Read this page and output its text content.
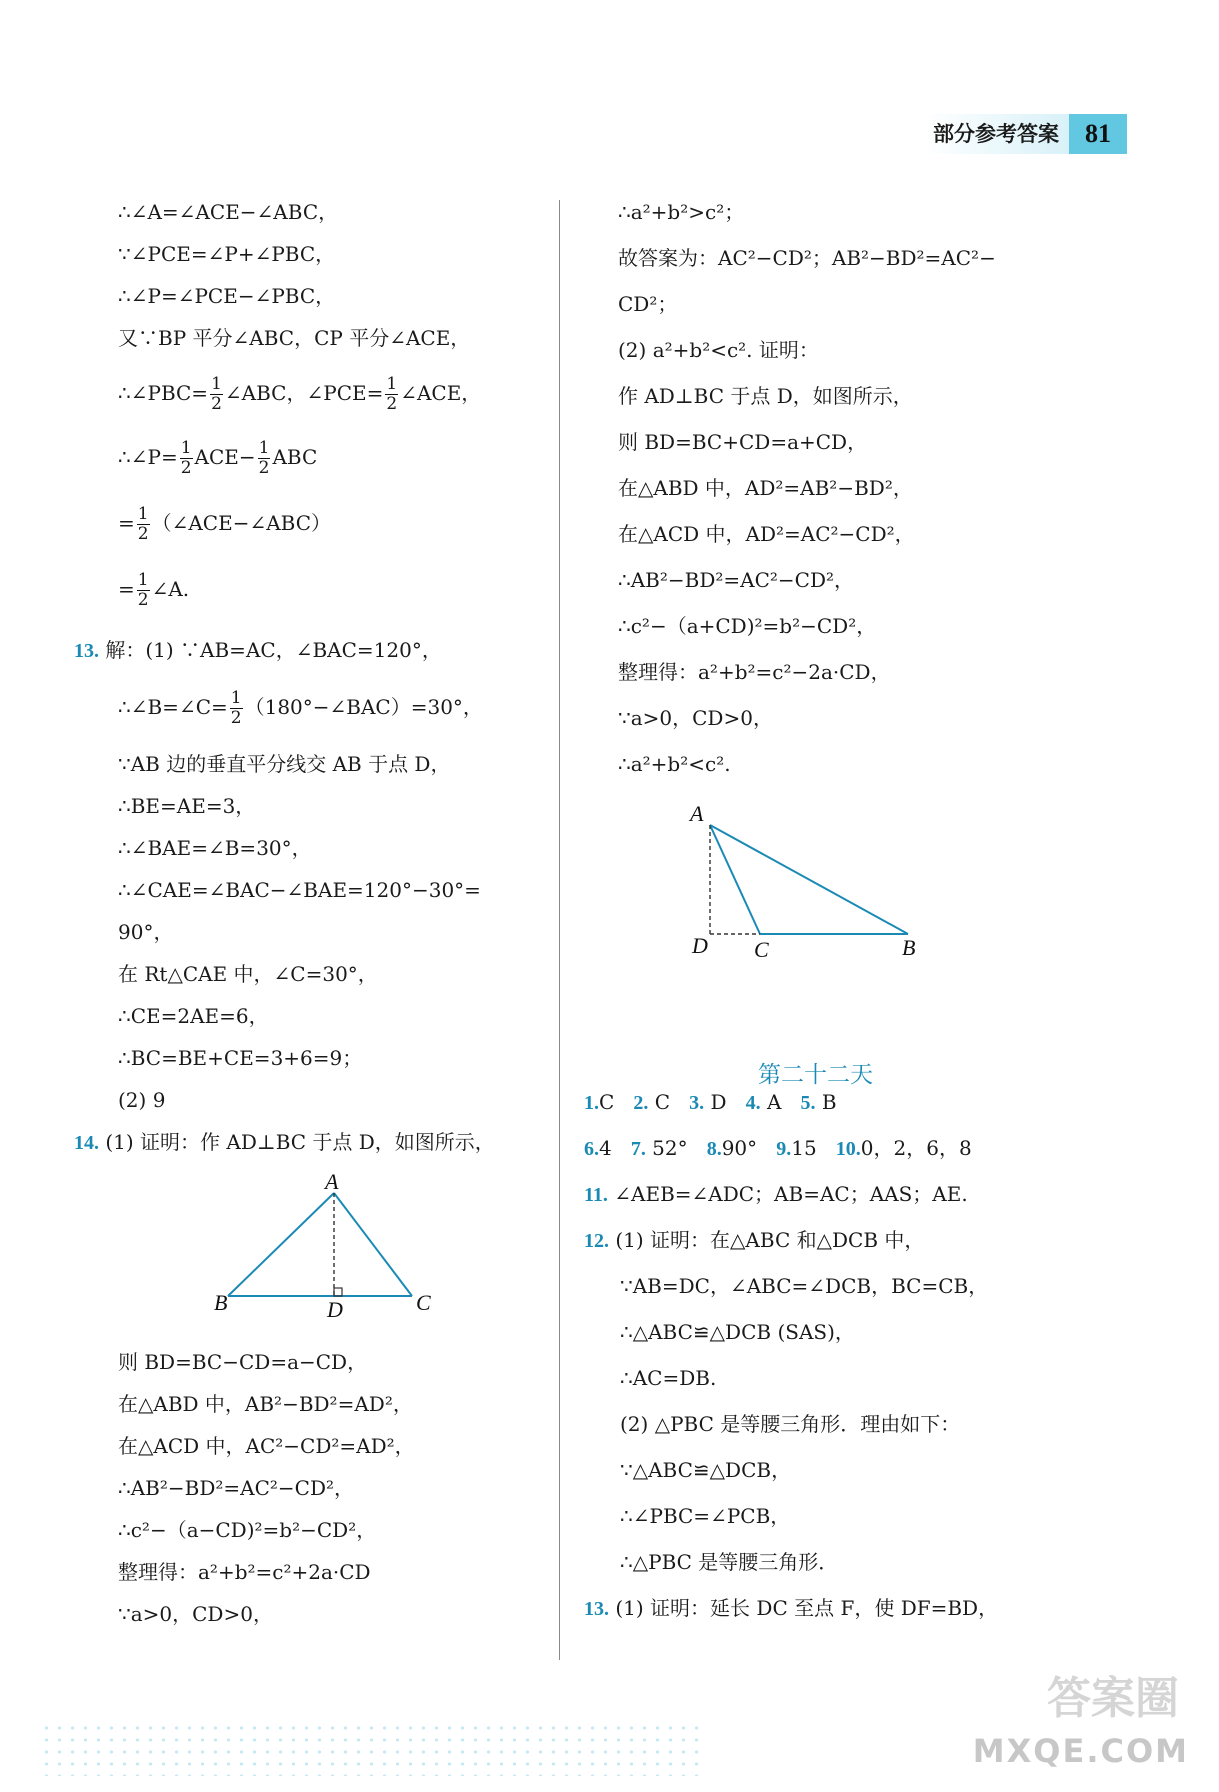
部分参考答案	81
∴∠A=∠ACE−∠ABC，
∵∠PCE=∠P+∠PBC，
∴∠P=∠PCE−∠PBC，
又∵BP 平分∠ABC，CP 平分∠ACE，
∴∠PBC= $\frac{1}{2}$ ∠ABC，∠PCE= $\frac{1}{2}$ ∠ACE，
∴∠P= $\frac{1}{2} ACE- \frac{1}{2}$ ABC
= $\frac{1}{2}$ （∠ACE−∠ABC）
= $\frac{1}{2}$ ∠A.
13. 解：(1) ∵AB=AC，∠BAC=120°，
∴∠B=∠C= $\frac{1}{2}$ （180°−∠BAC）=30°，
∵AB 边的垂直平分线交 AB 于点 D，
∴BE=AE=3，
∴∠BAE=∠B=30°，
∴∠CAE=∠BAC−∠BAE=120°−30°=
90°，
在 Rt△CAE 中，∠C=30°，
∴CE=2AE=6，
∴BC=BE+CE=3+6=9；
(2) 9
14. (1) 证明：作 AD⊥BC 于点 D，如图所示，
则 BD=BC−CD=a−CD，
在△ABD 中，AB²−BD²=AD²，
在△ACD 中，AC²−CD²=AD²，
∴AB²−BD²=AC²−CD²，
∴c²−（a−CD)²=b²−CD²，
整理得：a²+b²=c²+2a·CD
∵a>0，CD>0，
A
B	D	C
∴a²+b²>c²；
故答案为：AC²−CD²；AB²−BD²=AC²−
CD²；
(2) a²+b²<c². 证明：
作 AD⊥BC 于点 D，如图所示，
则 BD=BC+CD=a+CD，
在△ABD 中，AD²=AB²−BD²，
在△ACD 中，AD²=AC²−CD²，
∴AB²−BD²=AC²−CD²，
∴c²−（a+CD)²=b²−CD²，
整理得：a²+b²=c²−2a·CD，
∵a>0，CD>0，
∴a²+b²<c².
1.C 2. C 3. D 4. A 5. B
6.4 7. 52° 8.90° 9.15 10.0，2，6，8
11. ∠AEB=∠ADC；AB=AC；AAS；AE.
12. (1) 证明：在△ABC 和△DCB 中，
∵AB=DC，∠ABC=∠DCB，BC=CB，
∴△ABC≌△DCB (SAS)，
∴AC=DB.
(2) △PBC 是等腰三角形．理由如下：
∵△ABC≌△DCB，
∴∠PBC=∠PCB，
∴△PBC 是等腰三角形．
13. (1) 证明：延长 DC 至点 F，使 DF=BD，
第二十二天
A
D C	B
答案圈
MXQE.COM
